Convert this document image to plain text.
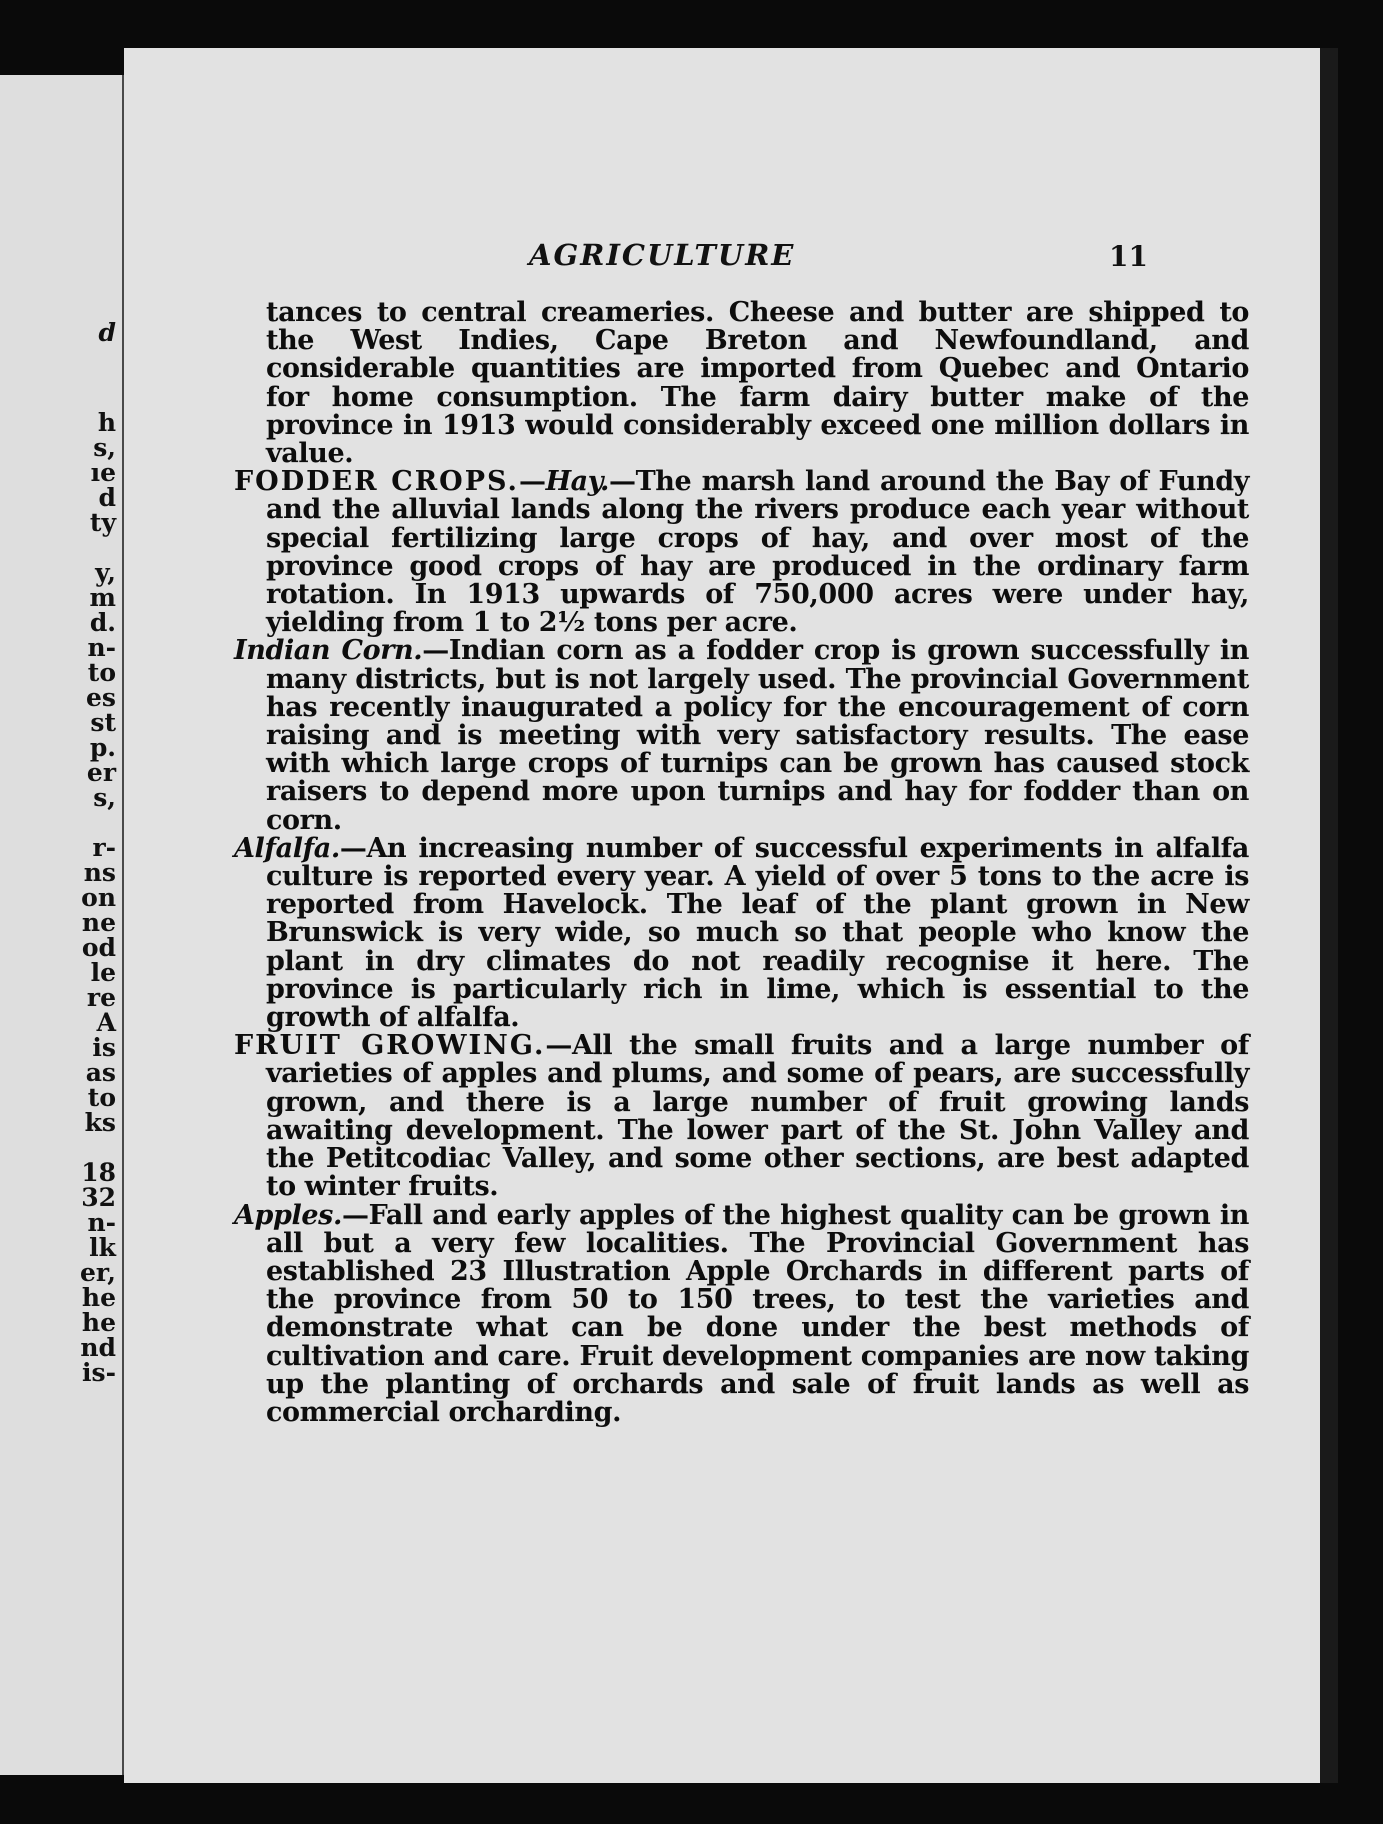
d
h
s,
ıe
d
ty
y,
m
d.
n-
to
es
st
p.
er
s,
r-
ns
on
ne
od
le
re
A
is
as
to
ks
18
32
n-
lk
er,
he
he
nd
is-
AGRICULTURE	11

tances to central creameries. Cheese and butter are shipped to the West Indies, Cape Breton and Newfoundland, and considerable quantities are imported from Quebec and Ontario for home consumption. The farm dairy butter make of the province in 1913 would considerably exceed one million dollars in value.

FODDER CROPS.—Hay.—The marsh land around the Bay of Fundy and the alluvial lands along the rivers produce each year without special fertilizing large crops of hay, and over most of the province good crops of hay are produced in the ordinary farm rotation. In 1913 upwards of 750,000 acres were under hay, yielding from 1 to 2½ tons per acre.

Indian Corn.—Indian corn as a fodder crop is grown successfully in many districts, but is not largely used. The provincial Government has recently inaugurated a policy for the encouragement of corn raising and is meeting with very satisfactory results. The ease with which large crops of turnips can be grown has caused stock raisers to depend more upon turnips and hay for fodder than on corn.

Alfalfa.—An increasing number of successful experiments in alfalfa culture is reported every year. A yield of over 5 tons to the acre is reported from Havelock. The leaf of the plant grown in New Brunswick is very wide, so much so that people who know the plant in dry climates do not readily recognise it here. The province is particularly rich in lime, which is essential to the growth of alfalfa.

FRUIT GROWING.—All the small fruits and a large number of varieties of apples and plums, and some of pears, are successfully grown, and there is a large number of fruit growing lands awaiting development. The lower part of the St. John Valley and the Petitcodiac Valley, and some other sections, are best adapted to winter fruits.

Apples.—Fall and early apples of the highest quality can be grown in all but a very few localities. The Provincial Government has established 23 Illustration Apple Orchards in different parts of the province from 50 to 150 trees, to test the varieties and demonstrate what can be done under the best methods of cultivation and care. Fruit development companies are now taking up the planting of orchards and sale of fruit lands as well as commercial orcharding.
